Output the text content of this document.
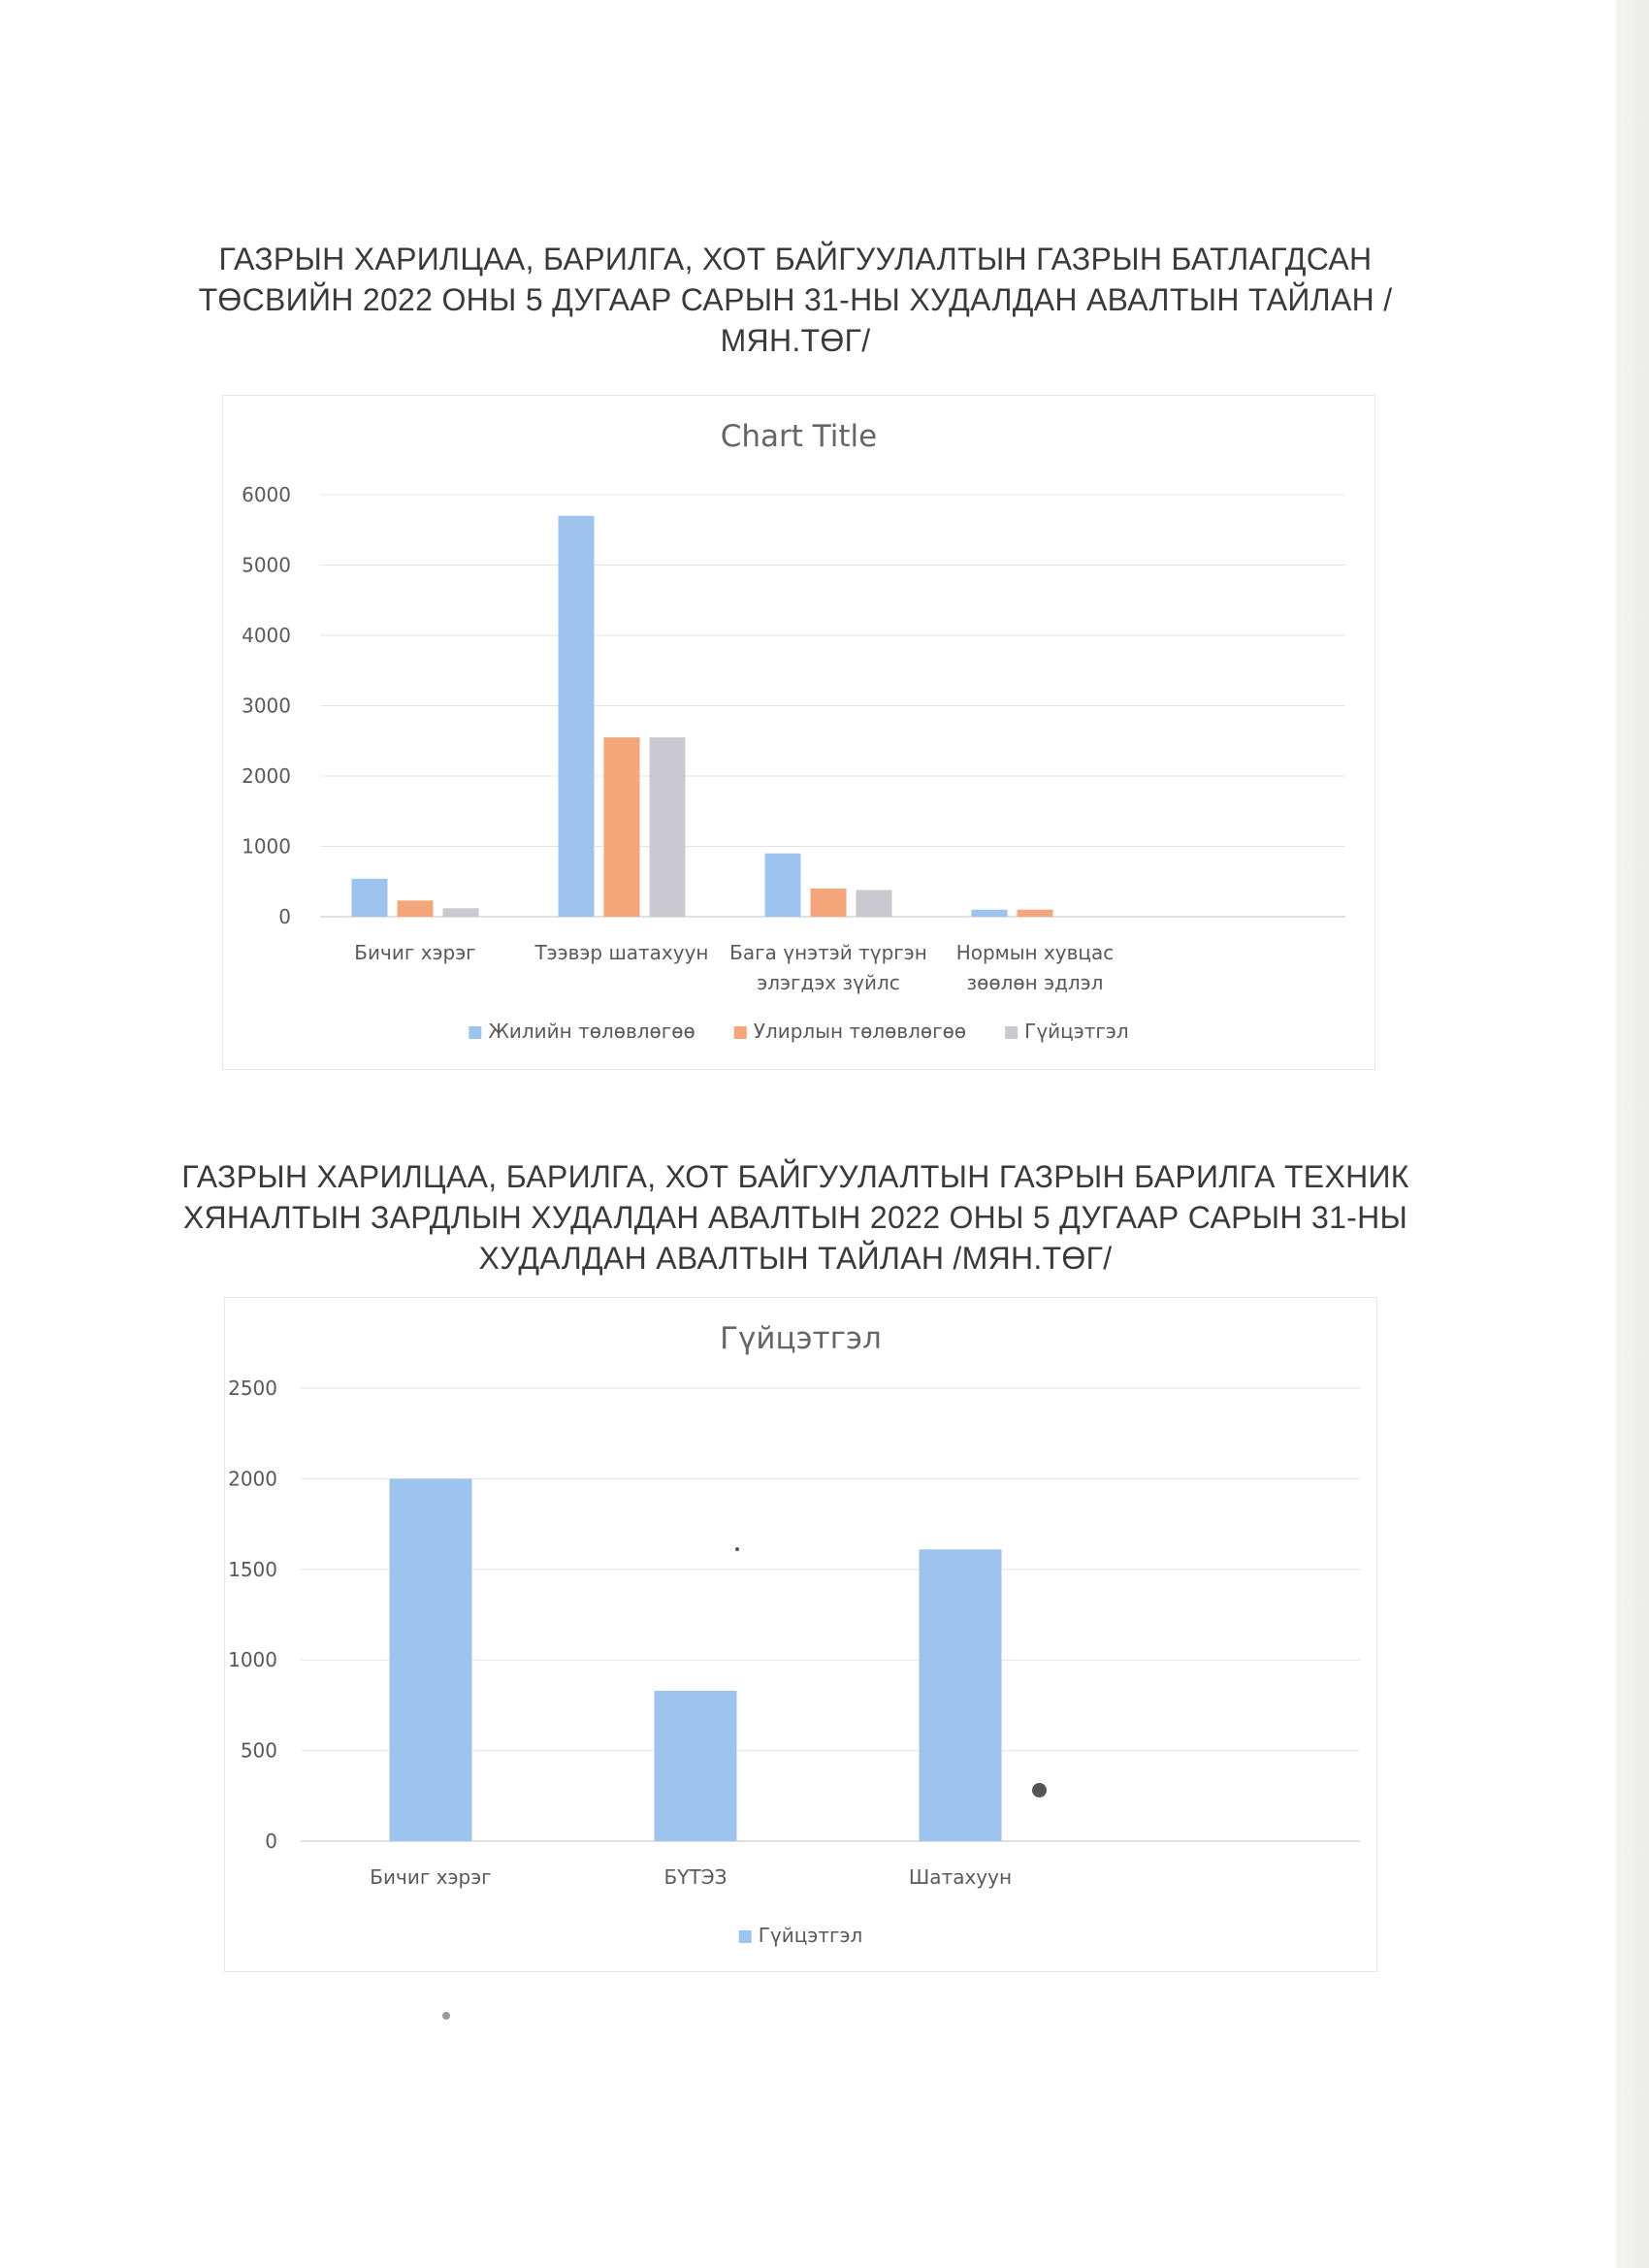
ГАЗРЫН ХАРИЛЦАА, БАРИЛГА, ХОТ БАЙГУУЛАЛТЫН ГАЗРЫН БАТЛАГДСАН ТӨСВИЙН 2022 ОНЫ 5 ДУГААР САРЫН 31-НЫ ХУДАЛДАН АВАЛТЫН ТАЙЛАН /МЯН.ТӨГ/
Chart Title
0
1000
2000
3000
4000
5000
6000
Бичиг хэрэг	Тээвэр шатахуун Бага үнэтэй түргэн
элэгдэх зүйлс
Нормын хувцас
зөөлөн эдлэл
Жилийн төлөвлөгөө	Улирлын төлөвлөгөө	Гүйцэтгэл
ГАЗРЫН ХАРИЛЦАА, БАРИЛГА, ХОТ БАЙГУУЛАЛТЫН ГАЗРЫН БАРИЛГА ТЕХНИК ХЯНАЛТЫН ЗАРДЛЫН ХУДАЛДАН АВАЛТЫН 2022 ОНЫ 5 ДУГААР САРЫН 31-НЫ ХУДАЛДАН АВАЛТЫН ТАЙЛАН /МЯН.ТӨГ/
Гүйцэтгэл
0
500
1000
1500
2000
2500
Бичиг хэрэг	БҮТЭЗ	Шатахуун
Гүйцэтгэл
